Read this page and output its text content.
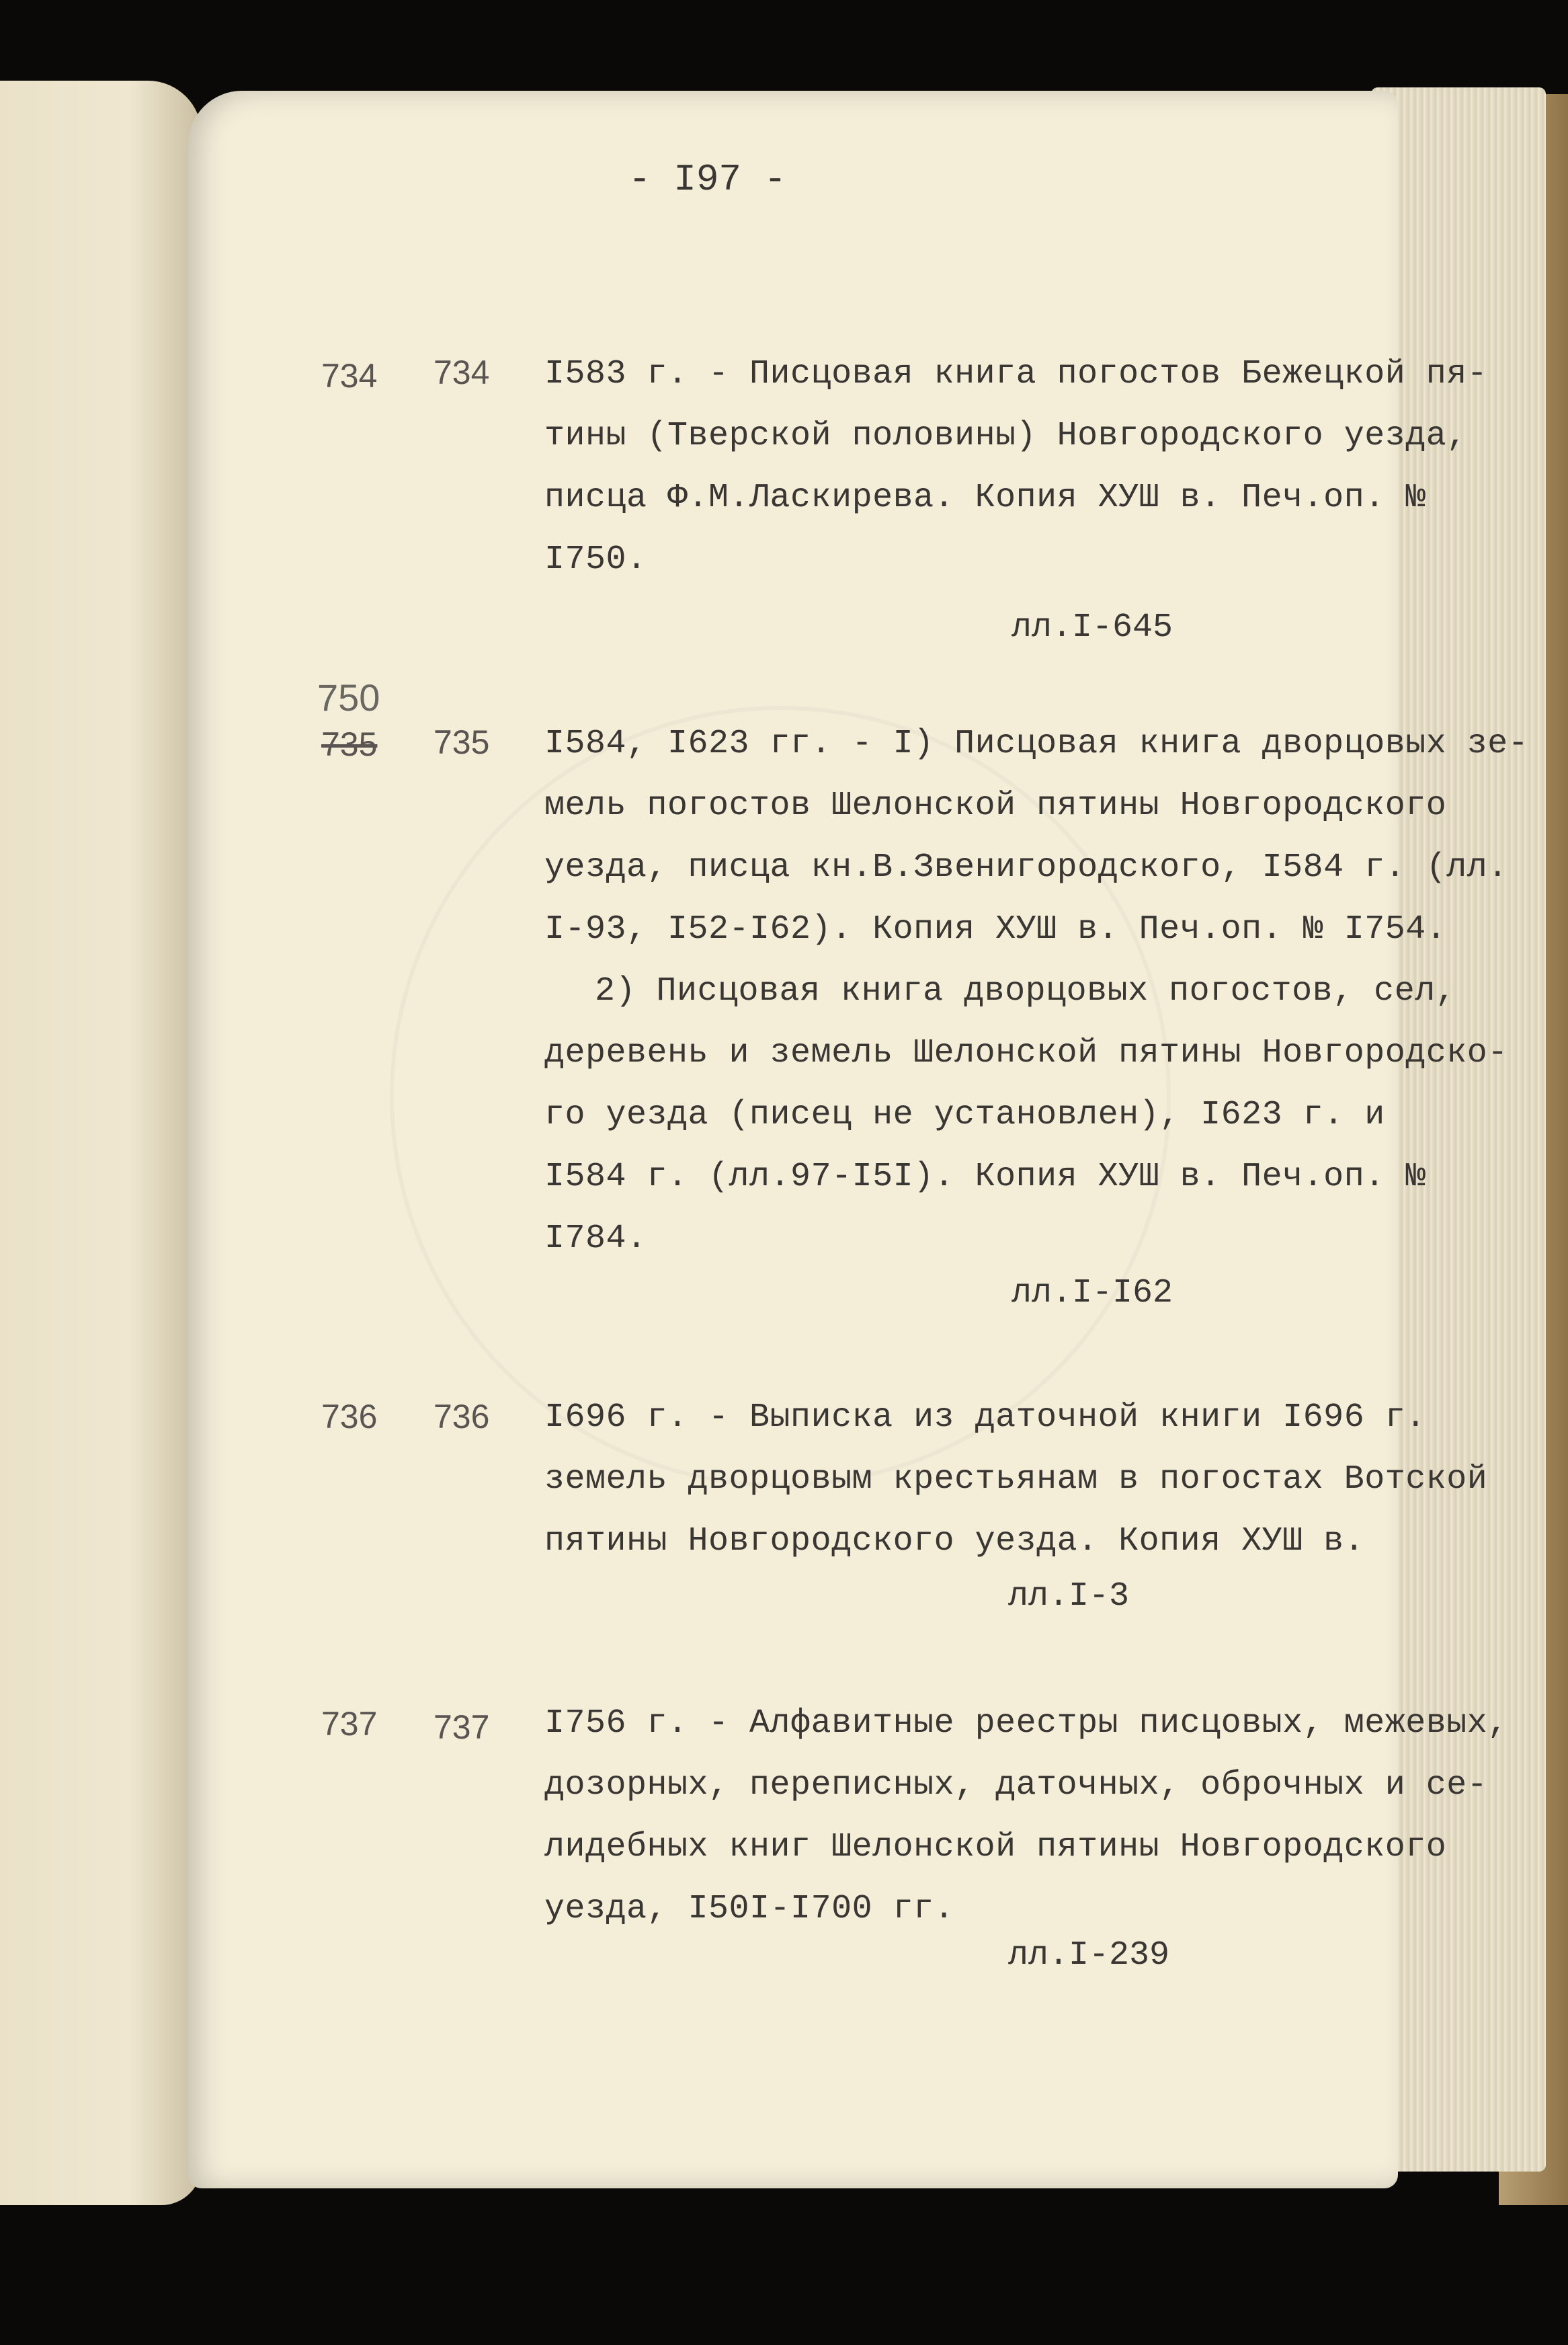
- I97 -
734 734 I583 г. - Писцовая книга погостов Бежецкой пя-
тины (Тверской половины) Новгородского уезда,
писца Ф.М.Ласкирева. Копия ХУШ в. Печ.оп. №
I750.
лл.I-645
750
735 735 I584, I623 гг. - I) Писцовая книга дворцовых зе-
мель погостов Шелонской пятины Новгородского
уезда, писца кн.В.Звенигородского, I584 г. (лл.
I-93, I52-I62). Копия ХУШ в. Печ.оп. № I754.
2) Писцовая книга дворцовых погостов, сел,
деревень и земель Шелонской пятины Новгородско-
го уезда (писец не установлен), I623 г. и
I584 г. (лл.97-I5I). Копия ХУШ в. Печ.оп. №
I784.
лл.I-I62
736 736 I696 г. - Выписка из даточной книги I696 г.
земель дворцовым крестьянам в погостах Вотской
пятины Новгородского уезда. Копия ХУШ в.
лл.I-3
737 737 I756 г. - Алфавитные реестры писцовых, межевых,
дозорных, переписных, даточных, оброчных и се-
лидебных книг Шелонской пятины Новгородского
уезда, I50I-I700 гг.
лл.I-239
